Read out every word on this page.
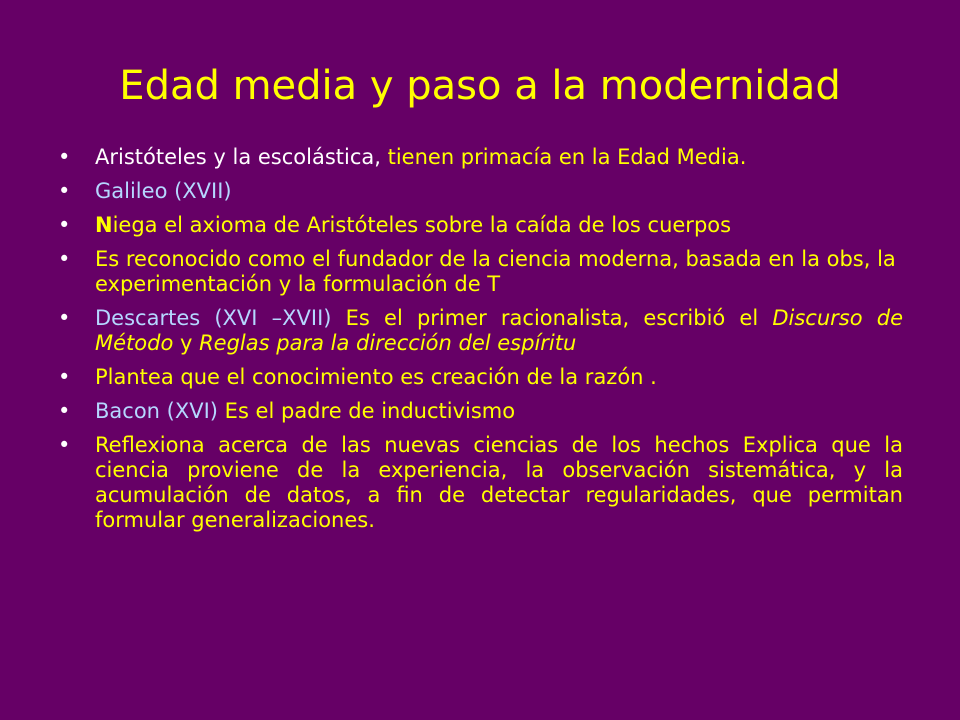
Edad media y paso a la modernidad
• Aristóteles y la escolástica, tienen primacía en la Edad Media.
• Galileo (XVII)
• Niega el axioma de Aristóteles sobre la caída de los cuerpos
• Es reconocido como el fundador de la ciencia moderna, basada en la obs, la experimentación y la formulación de T
• Descartes (XVI –XVII) Es el primer racionalista, escribió el Discurso de Método y Reglas para la dirección del espíritu
• Plantea que el conocimiento es creación de la razón .
• Bacon (XVI) Es el padre de inductivismo
• Reflexiona acerca de las nuevas ciencias de los hechos Explica que la ciencia proviene de la experiencia, la observación sistemática, y la acumulación de datos, a fin de detectar regularidades, que permitan formular generalizaciones.
